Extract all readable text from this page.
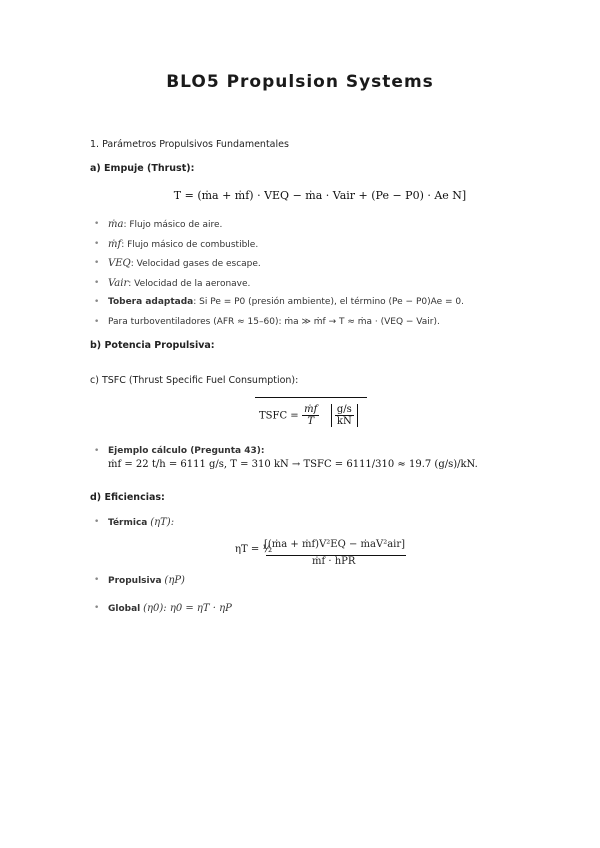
BLO5 Propulsion Systems
1. Parámetros Propulsivos Fundamentales
a) Empuje (Thrust):
T = (ṁa + ṁf) · VEQ − ṁa · Vair + (Pe − P0) · Ae N]
• ṁa: Flujo másico de aire.
• ṁf: Flujo másico de combustible.
• VEQ: Velocidad gases de escape.
• Vair: Velocidad de la aeronave.
• Tobera adaptada: Si Pe = P0 (presión ambiente), el término (Pe − P0)Ae = 0.
• Para turboventiladores (AFR ≈ 15–60): ṁa ≫ ṁf → T ≈ ṁa · (VEQ − Vair).
b) Potencia Propulsiva:
c) TSFC (Thrust Specific Fuel Consumption):
TSFC = $\frac{\text{ṁf}}{T}$
$\frac{g/s}{kN}$
• Ejemplo cálculo (Pregunta 43):
ṁf = 22 t/h = 6111 g/s, T = 310 kN → TSFC = 6111/310 ≈ 19.7 (g/s)/kN.
d) Eficiencias:
• Térmica (ηT):
ηT = ½
[(ṁa + ṁf)V²EQ − ṁaV²air]
ṁf · hPR
• Propulsiva (ηP)
• Global (η0): η0 = ηT · ηP
